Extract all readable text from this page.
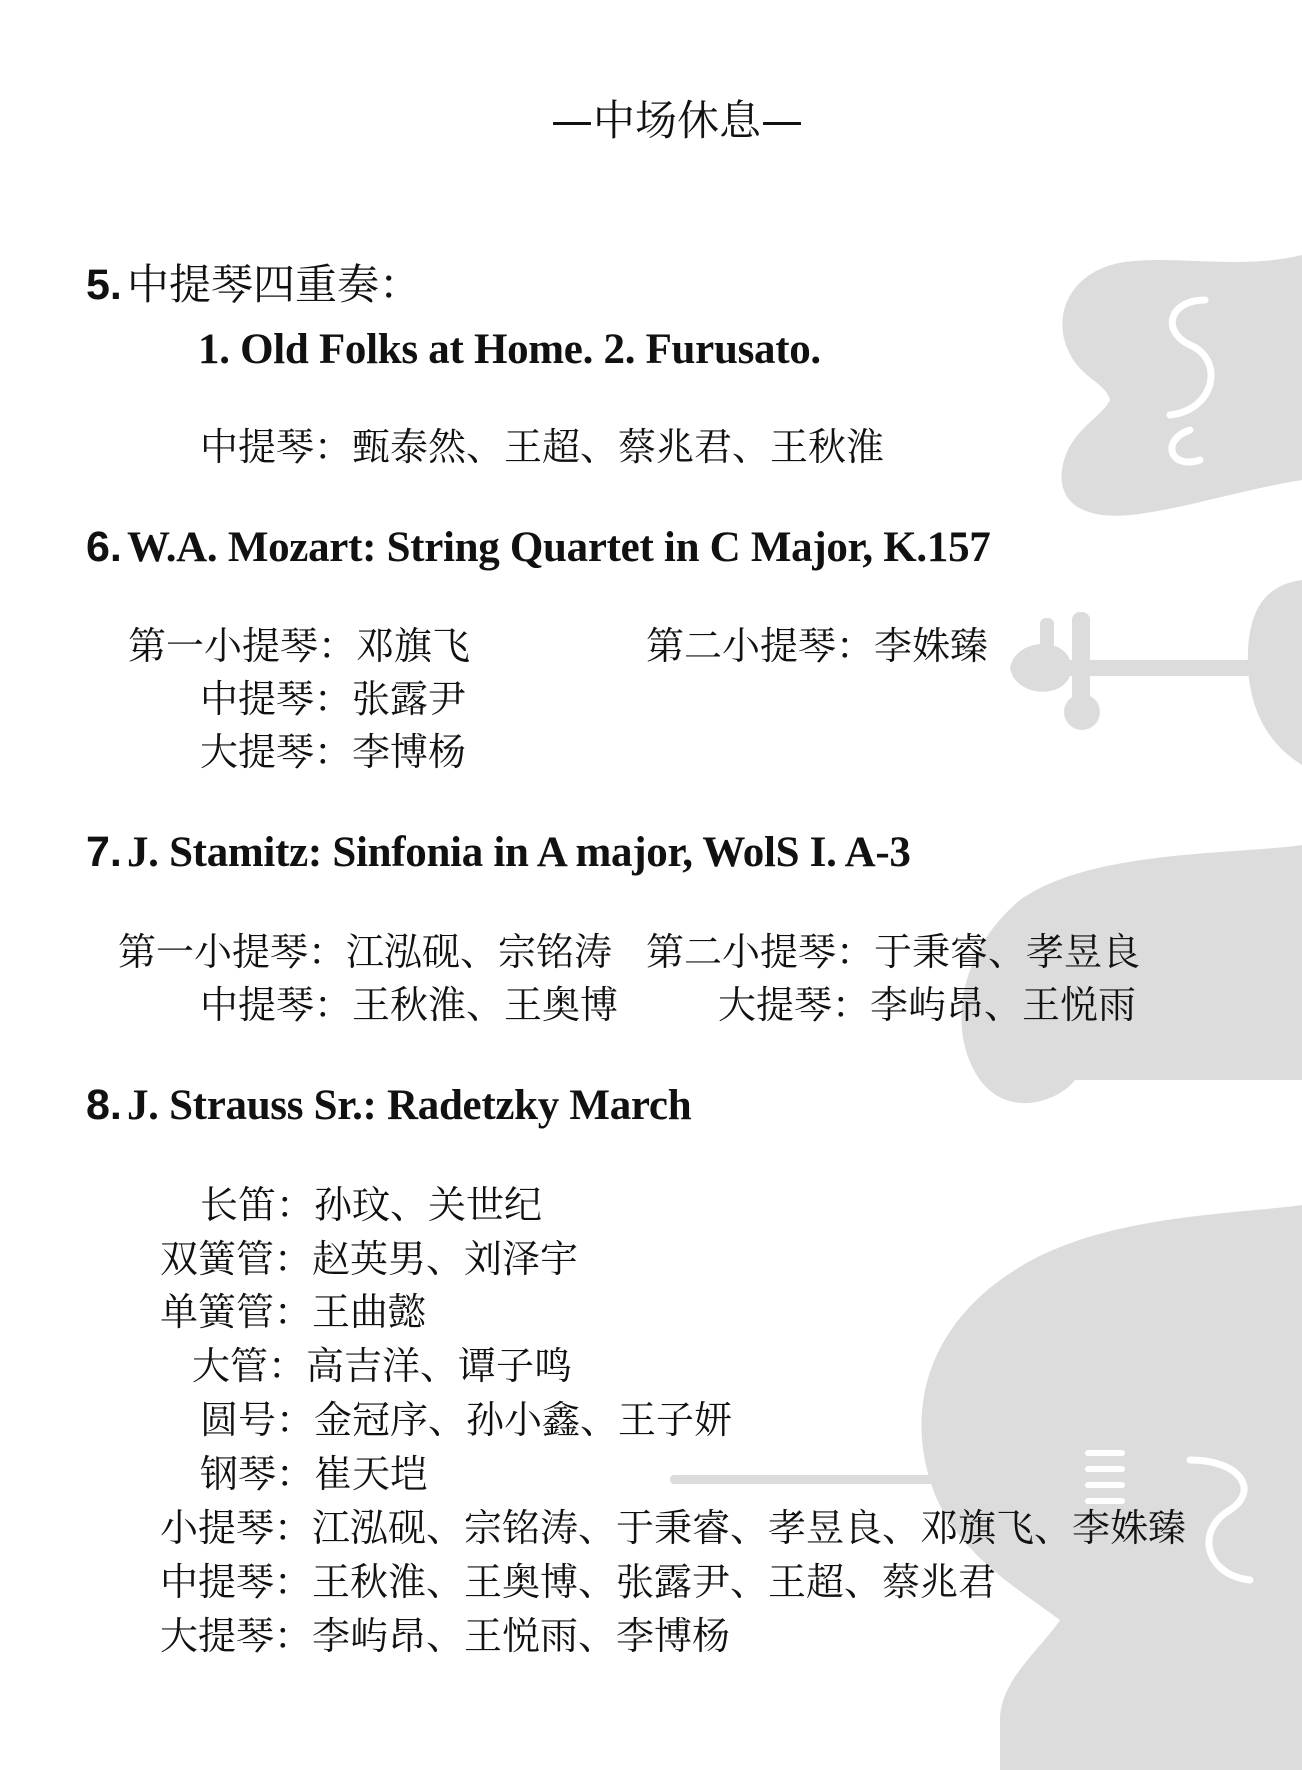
—中场休息—
5. 中提琴四重奏：
1. Old Folks at Home. 2. Furusato.
中提琴：甄泰然、王超、蔡兆君、王秋淮
6. W.A. Mozart: String Quartet in C Major, K.157
第一小提琴：邓旗飞	第二小提琴：李姝臻
中提琴：张露尹
大提琴：李博杨
7. J. Stamitz: Sinfonia in A major, WolS I. A-3
第一小提琴：江泓砚、宗铭涛 第二小提琴：于秉睿、孝昱良
中提琴：王秋淮、王奥博	大提琴：李屿昂、王悦雨
8. J. Strauss Sr.: Radetzky March
长笛：孙玟、关世纪
双簧管：赵英男、刘泽宇
单簧管：王曲懿
大管：高吉洋、谭子鸣
圆号：金冠序、孙小鑫、王子妍
钢琴：崔天垲
小提琴：江泓砚、宗铭涛、于秉睿、孝昱良、邓旗飞、李姝臻
中提琴：王秋淮、王奥博、张露尹、王超、蔡兆君
大提琴：李屿昂、王悦雨、李博杨
